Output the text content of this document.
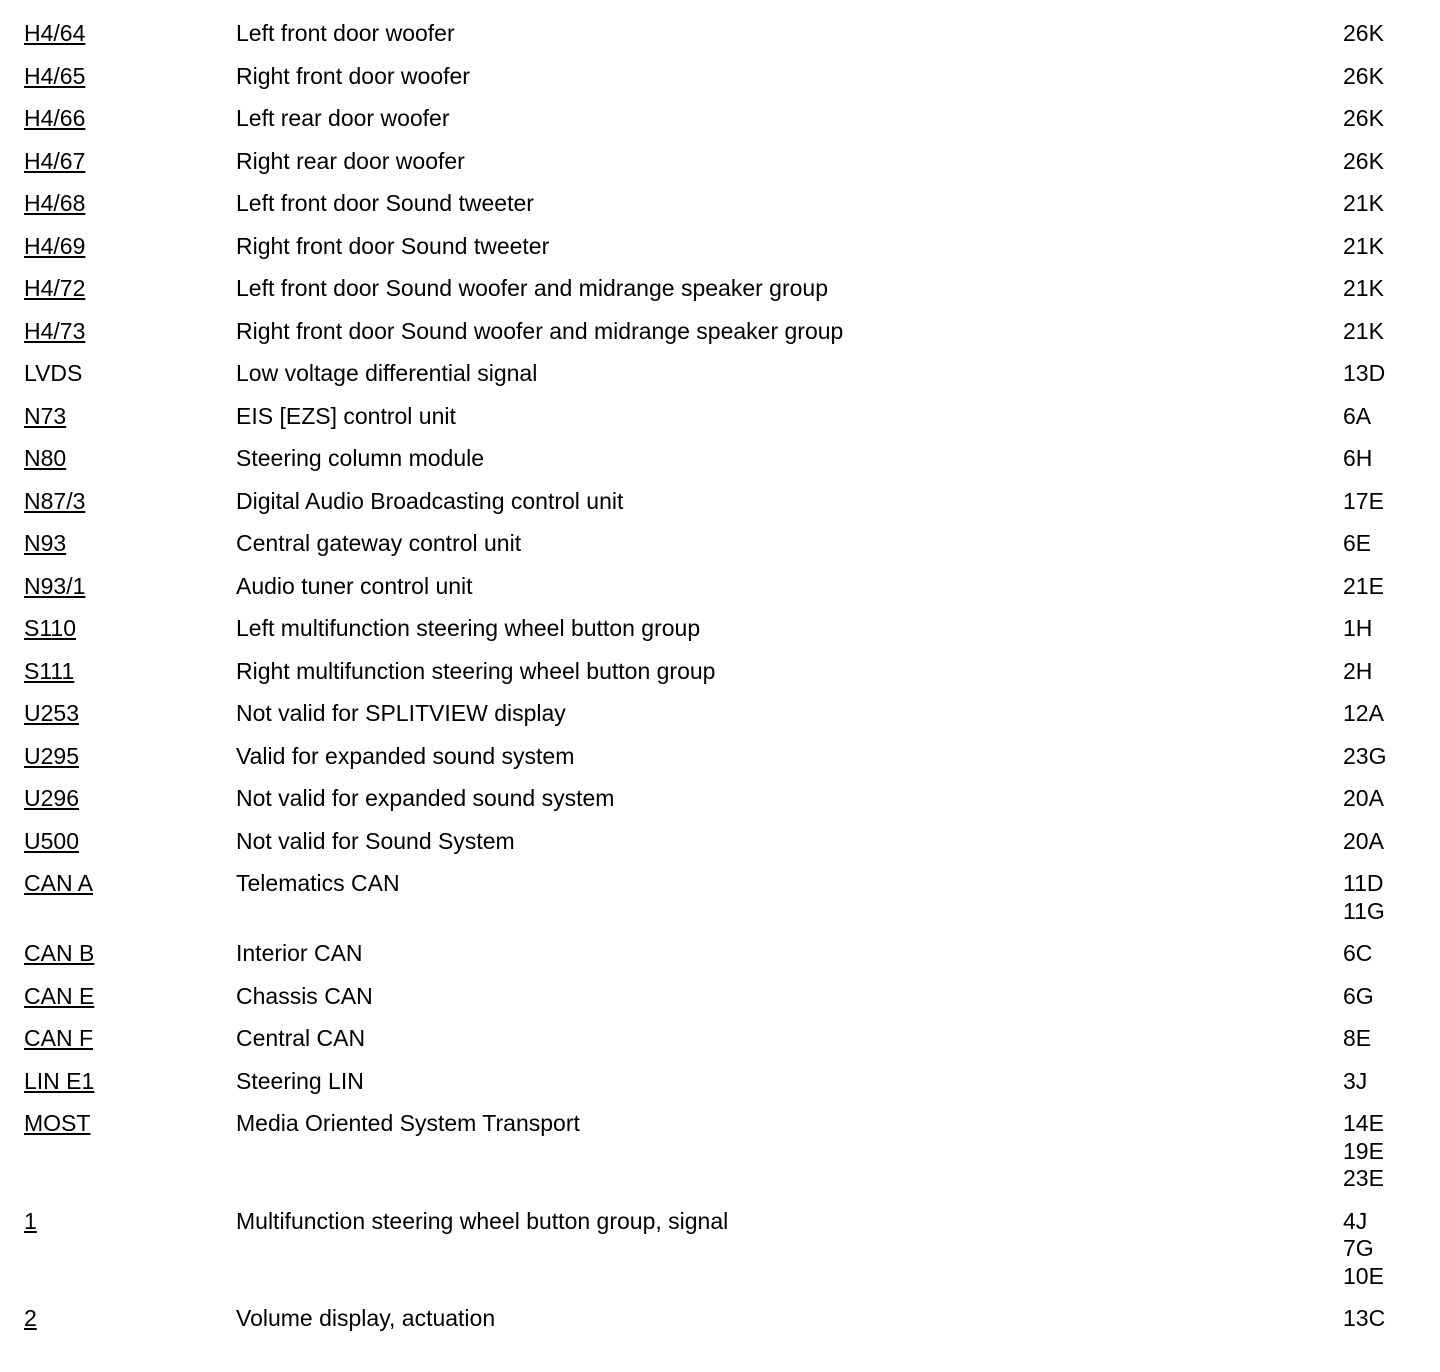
H4/64	Left front door woofer	26K
H4/65	Right front door woofer	26K
H4/66	Left rear door woofer	26K
H4/67	Right rear door woofer	26K
H4/68	Left front door Sound tweeter	21K
H4/69	Right front door Sound tweeter	21K
H4/72	Left front door Sound woofer and midrange speaker group	21K
H4/73	Right front door Sound woofer and midrange speaker group	21K
LVDS	Low voltage differential signal	13D
N73	EIS [EZS] control unit	6A
N80	Steering column module	6H
N87/3	Digital Audio Broadcasting control unit	17E
N93	Central gateway control unit	6E
N93/1	Audio tuner control unit	21E
S110	Left multifunction steering wheel button group	1H
S111	Right multifunction steering wheel button group	2H
U253	Not valid for SPLITVIEW display	12A
U295	Valid for expanded sound system	23G
U296	Not valid for expanded sound system	20A
U500	Not valid for Sound System	20A
CAN A	Telematics CAN	11D
11G
CAN B	Interior CAN	6C
CAN E	Chassis CAN	6G
CAN F	Central CAN	8E
LIN E1	Steering LIN	3J
MOST	Media Oriented System Transport	14E
19E
23E
1	Multifunction steering wheel button group, signal	4J
7G
10E
2	Volume display, actuation	13C
